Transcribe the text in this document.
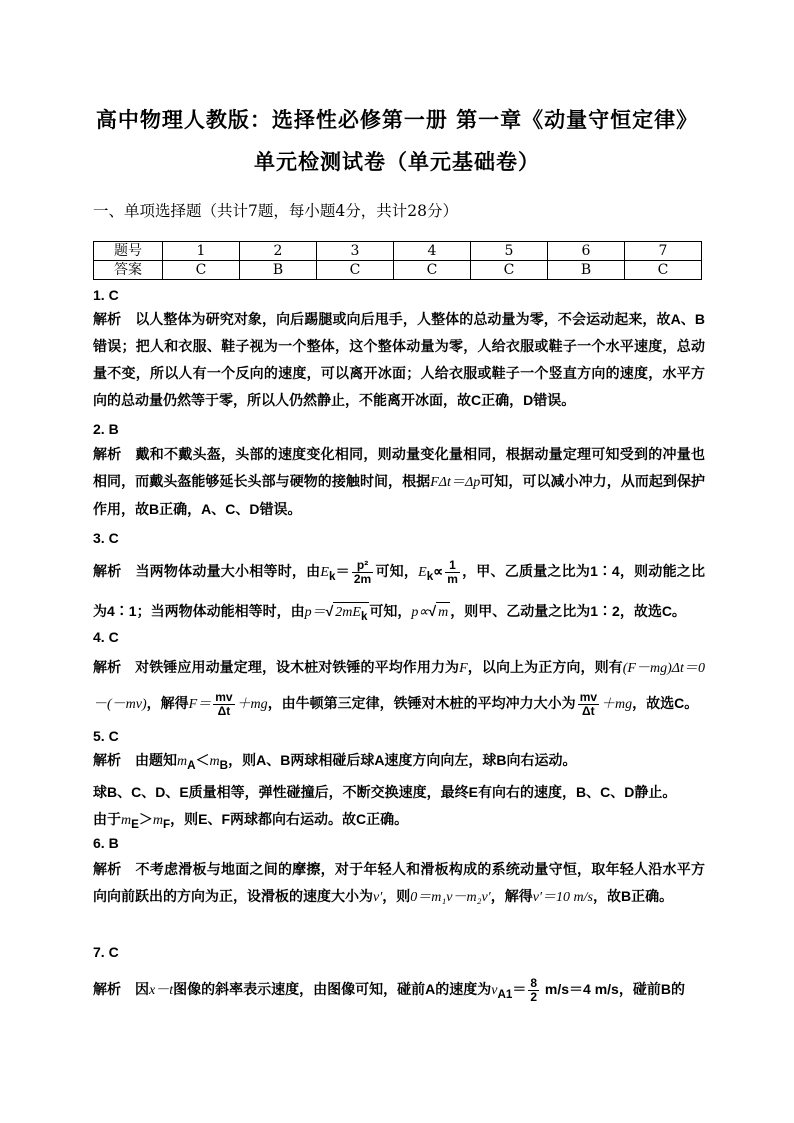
高中物理人教版：选择性必修第一册 第一章《动量守恒定律》
单元检测试卷（单元基础卷）
一、单项选择题（共计7题，每小题4分，共计28分）
题号	1	2	3	4	5	6	7
答案	C	B	C	C	C	B	C
1. C
解析 以人整体为研究对象，向后踢腿或向后甩手，人整体的总动量为零，不会运动起来，故A、B错误；把人和衣服、鞋子视为一个整体，这个整体动量为零，人给衣服或鞋子一个水平速度，总动量不变，所以人有一个反向的速度，可以离开冰面；人给衣服或鞋子一个竖直方向的速度，水平方向的总动量仍然等于零，所以人仍然静止，不能离开冰面，故C正确，D错误。
2. B
解析 戴和不戴头盔，头部的速度变化相同，则动量变化量相同，根据动量定理可知受到的冲量也相同，而戴头盔能够延长头部与硬物的接触时间，根据FΔt＝Δp可知，可以减小冲力，从而起到保护作用，故B正确，A、C、D错误。
3. C
解析 当两物体动量大小相等时，由$E_k= \frac{\text{p²}}{2m}$ 可知，$E_k\propto \frac{1}{m}$ ，甲、乙质量之比为1∶4，则动能之比为4∶1；当两物体动能相等时，由p＝√ $2mE_k$ 可知，p∝√ m ，则甲、乙动量之比为1∶2，故选C。
4. C
解析 对铁锤应用动量定理，设木桩对铁锤的平均作用力为F，以向上为正方向，则有(F－mg)Δt＝0－(－mv)，解得$F= \frac{mv}{\Delta t} +mg$，由牛顿第三定律，铁锤对木桩的平均冲力大小为 $\frac{mv}{\Delta t} +mg$，故选C。
5. C
解析 由题知$m_A<m_B$，则A、B两球相碰后球A速度方向向左，球B向右运动。
球B、C、D、E质量相等，弹性碰撞后，不断交换速度，最终E有向右的速度，B、C、D静止。
由于$m_E>m_F$，则E、F两球都向右运动。故C正确。
6. B
解析 不考虑滑板与地面之间的摩擦，对于年轻人和滑板构成的系统动量守恒，取年轻人沿水平方向向前跃出的方向为正，设滑板的速度大小为v′，则0＝m₁v－m₂v′，解得v′＝10 m/s，故B正确。
7. C
解析 因x－t图像的斜率表示速度，由图像可知，碰前A的速度为$v_{A1}= \frac{8}{2} m/s=4$ m/s，碰前B的
